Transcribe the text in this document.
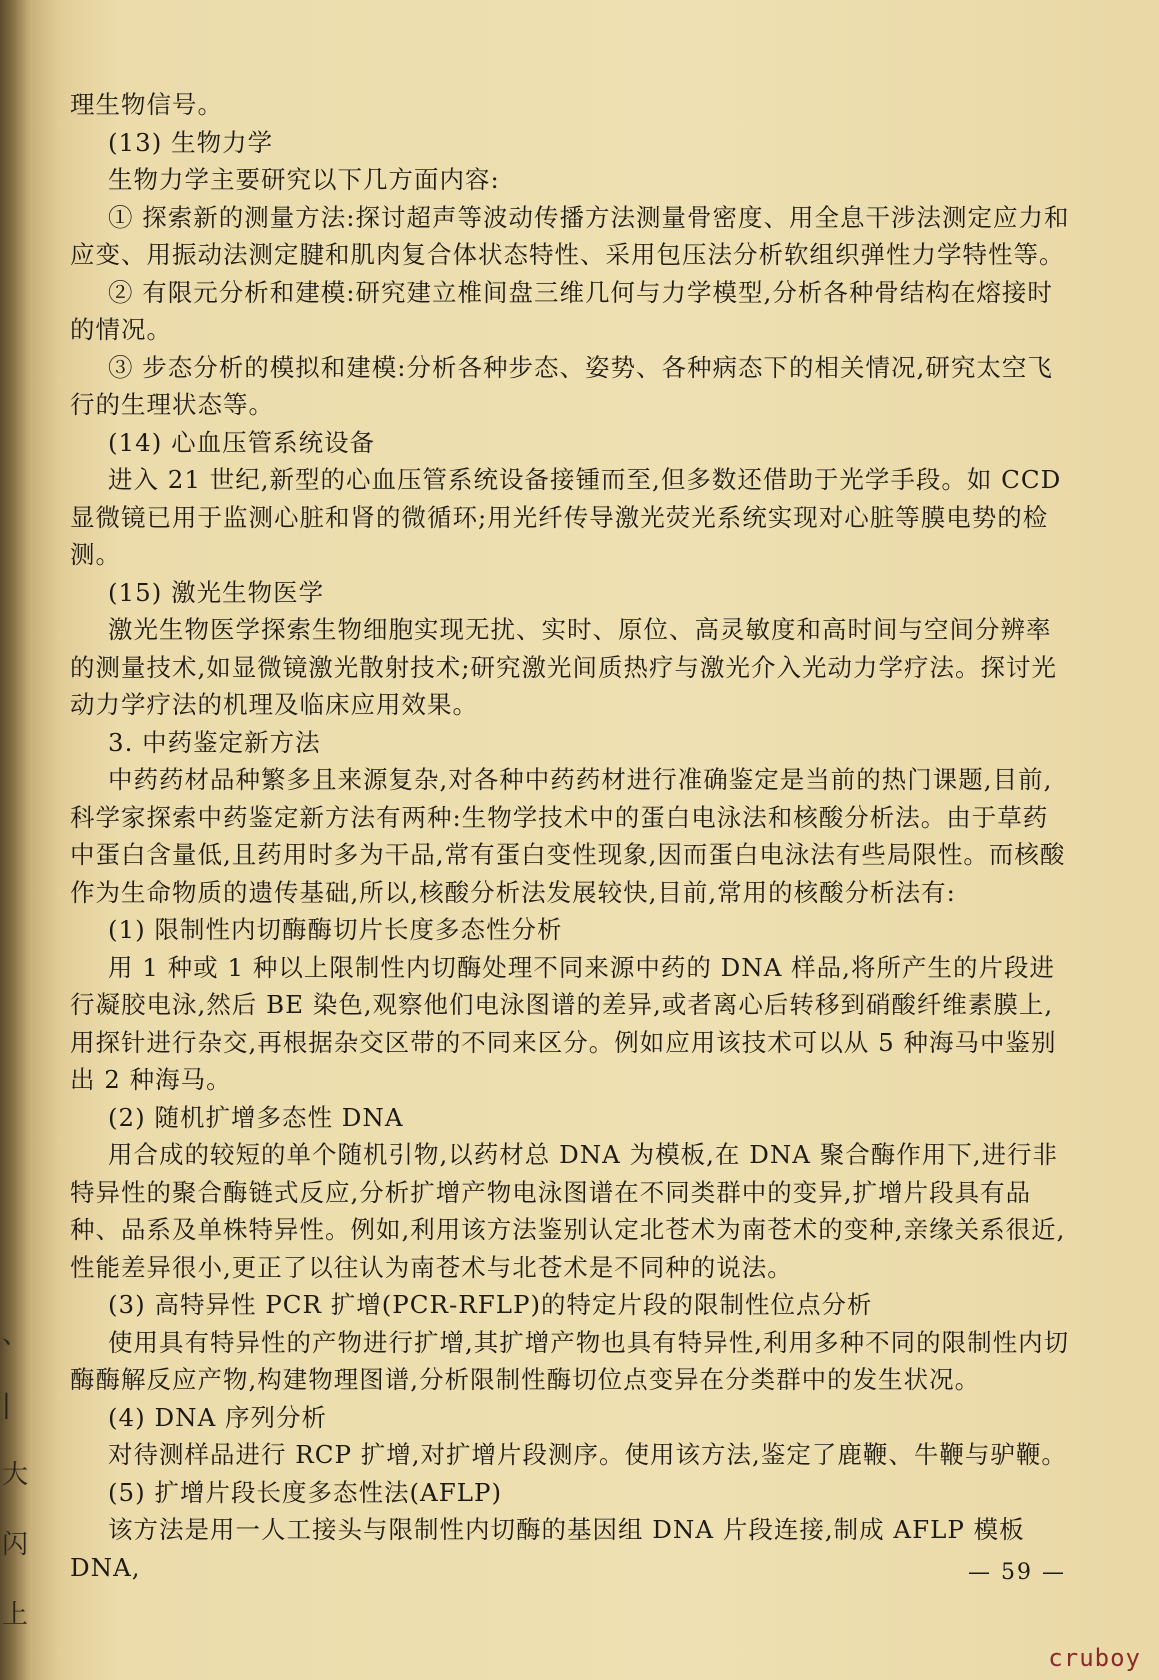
、
|
大
闪
上

理生物信号。

(13) 生物力学

生物力学主要研究以下几方面内容:

① 探索新的测量方法:探讨超声等波动传播方法测量骨密度、用全息干涉法测定应力和应变、用振动法测定腱和肌肉复合体状态特性、采用包压法分析软组织弹性力学特性等。

② 有限元分析和建模:研究建立椎间盘三维几何与力学模型,分析各种骨结构在熔接时的情况。

③ 步态分析的模拟和建模:分析各种步态、姿势、各种病态下的相关情况,研究太空飞行的生理状态等。

(14) 心血压管系统设备

进入 21 世纪,新型的心血压管系统设备接锺而至,但多数还借助于光学手段。如 CCD 显微镜已用于监测心脏和肾的微循环;用光纤传导激光荧光系统实现对心脏等膜电势的检测。

(15) 激光生物医学

激光生物医学探索生物细胞实现无扰、实时、原位、高灵敏度和高时间与空间分辨率的测量技术,如显微镜激光散射技术;研究激光间质热疗与激光介入光动力学疗法。探讨光动力学疗法的机理及临床应用效果。

3. 中药鉴定新方法

中药药材品种繁多且来源复杂,对各种中药药材进行准确鉴定是当前的热门课题,目前,科学家探索中药鉴定新方法有两种:生物学技术中的蛋白电泳法和核酸分析法。由于草药中蛋白含量低,且药用时多为干品,常有蛋白变性现象,因而蛋白电泳法有些局限性。而核酸作为生命物质的遗传基础,所以,核酸分析法发展较快,目前,常用的核酸分析法有:

(1) 限制性内切酶酶切片长度多态性分析

用 1 种或 1 种以上限制性内切酶处理不同来源中药的 DNA 样品,将所产生的片段进行凝胶电泳,然后 BE 染色,观察他们电泳图谱的差异,或者离心后转移到硝酸纤维素膜上,用探针进行杂交,再根据杂交区带的不同来区分。例如应用该技术可以从 5 种海马中鉴别出 2 种海马。

(2) 随机扩增多态性 DNA

用合成的较短的单个随机引物,以药材总 DNA 为模板,在 DNA 聚合酶作用下,进行非特异性的聚合酶链式反应,分析扩增产物电泳图谱在不同类群中的变异,扩增片段具有品种、品系及单株特异性。例如,利用该方法鉴别认定北苍术为南苍术的变种,亲缘关系很近,性能差异很小,更正了以往认为南苍术与北苍术是不同种的说法。

(3) 高特异性 PCR 扩增(PCR-RFLP)的特定片段的限制性位点分析

使用具有特异性的产物进行扩增,其扩增产物也具有特异性,利用多种不同的限制性内切酶酶解反应产物,构建物理图谱,分析限制性酶切位点变异在分类群中的发生状况。

(4) DNA 序列分析

对待测样品进行 RCP 扩增,对扩增片段测序。使用该方法,鉴定了鹿鞭、牛鞭与驴鞭。

(5) 扩增片段长度多态性法(AFLP)

该方法是用一人工接头与限制性内切酶的基因组 DNA 片段连接,制成 AFLP 模板 DNA,	— 59 —
cruboy
